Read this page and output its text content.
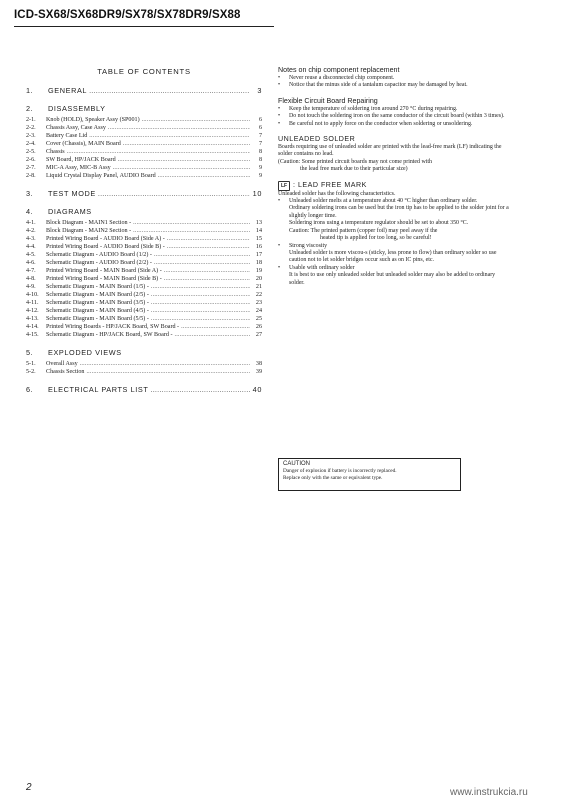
ICD-SX68/SX68DR9/SX78/SX78DR9/SX88
TABLE OF CONTENTS
1.	GENERAL .....	3
2.	DISASSEMBLY
2-1.	Knob (HOLD), Speaker Assy (SP001) .....	6
2-2.	Chassis Assy, Case Assy .....	6
2-3.	Battery Case Lid .....	7
2-4.	Cover (Chassis), MAIN Board .....	7
2-5.	Chassis .....	8
2-6.	SW Board, HP/JACK Board .....	8
2-7.	MIC-A Assy, MIC-B Assy .....	9
2-8.	Liquid Crystal Display Panel, AUDIO Board .....	9
3.	TEST MODE .....	10
4.	DIAGRAMS
4-1.	Block Diagram - MAIN1 Section - .....	13
4-2.	Block Diagram - MAIN2 Section - .....	14
4-3.	Printed Wiring Board - AUDIO Board (Side A) - .....	15
4-4.	Printed Wiring Board - AUDIO Board (Side B) - .....	16
4-5.	Schematic Diagram - AUDIO Board (1/2) - .....	17
4-6.	Schematic Diagram - AUDIO Board (2/2) - .....	18
4-7.	Printed Wiring Board - MAIN Board (Side A) - .....	19
4-8.	Printed Wiring Board - MAIN Board (Side B) - .....	20
4-9.	Schematic Diagram - MAIN Board (1/5) - .....	21
4-10.	Schematic Diagram - MAIN Board (2/5) - .....	22
4-11.	Schematic Diagram - MAIN Board (3/5) - .....	23
4-12.	Schematic Diagram - MAIN Board (4/5) - .....	24
4-13.	Schematic Diagram - MAIN Board (5/5) - .....	25
4-14.	Printed Wiring Boards - HP/JACK Board, SW Board - .....	26
4-15.	Schematic Diagram - HP/JACK Board, SW Board - .....	27
5.	EXPLODED VIEWS
5-1.	Overall Assy .....	38
5-2.	Chassis Section .....	39
6.	ELECTRICAL PARTS LIST .....	40
Notes on chip component replacement
•	Never reuse a disconnected chip component.
•	Notice that the minus side of a tantalum capacitor may be damaged by heat.
Flexible Circuit Board Repairing
•	Keep the temperature of soldering iron around 270 °C during repairing.
•	Do not touch the soldering iron on the same conductor of the circuit board (within 3 times).
•	Be careful not to apply force on the conductor when soldering or unsoldering.
UNLEADED SOLDER
Boards requiring use of unleaded solder are printed with the lead-free mark (LF) indicating the solder contains no lead.
(Caution: Some printed circuit boards may not come printed with
the lead free mark due to their particular size)
LF : LEAD FREE MARK
Unleaded solder has the following characteristics.
•	Unleaded solder melts at a temperature about 40 °C higher than ordinary solder.
Ordinary soldering irons can be used but the iron tip has to be applied to the solder joint for a slightly longer time.
Soldering irons using a temperature regulator should be set to about 350 °C.
Caution: The printed pattern (copper foil) may peel away if the
heated tip is applied for too long, so be careful!
•	Strong viscosity
Unleaded solder is more viscou-s (sticky, less prone to flow) than ordinary solder so use caution not to let solder bridges occur such as on IC pins, etc.
•	Usable with ordinary solder
It is best to use only unleaded solder but unleaded solder may also be added to ordinary solder.
CAUTION
Danger of explosion if battery is incorrectly replaced.
Replace only with the same or equivalent type.
2	www.instrukcia.ru
